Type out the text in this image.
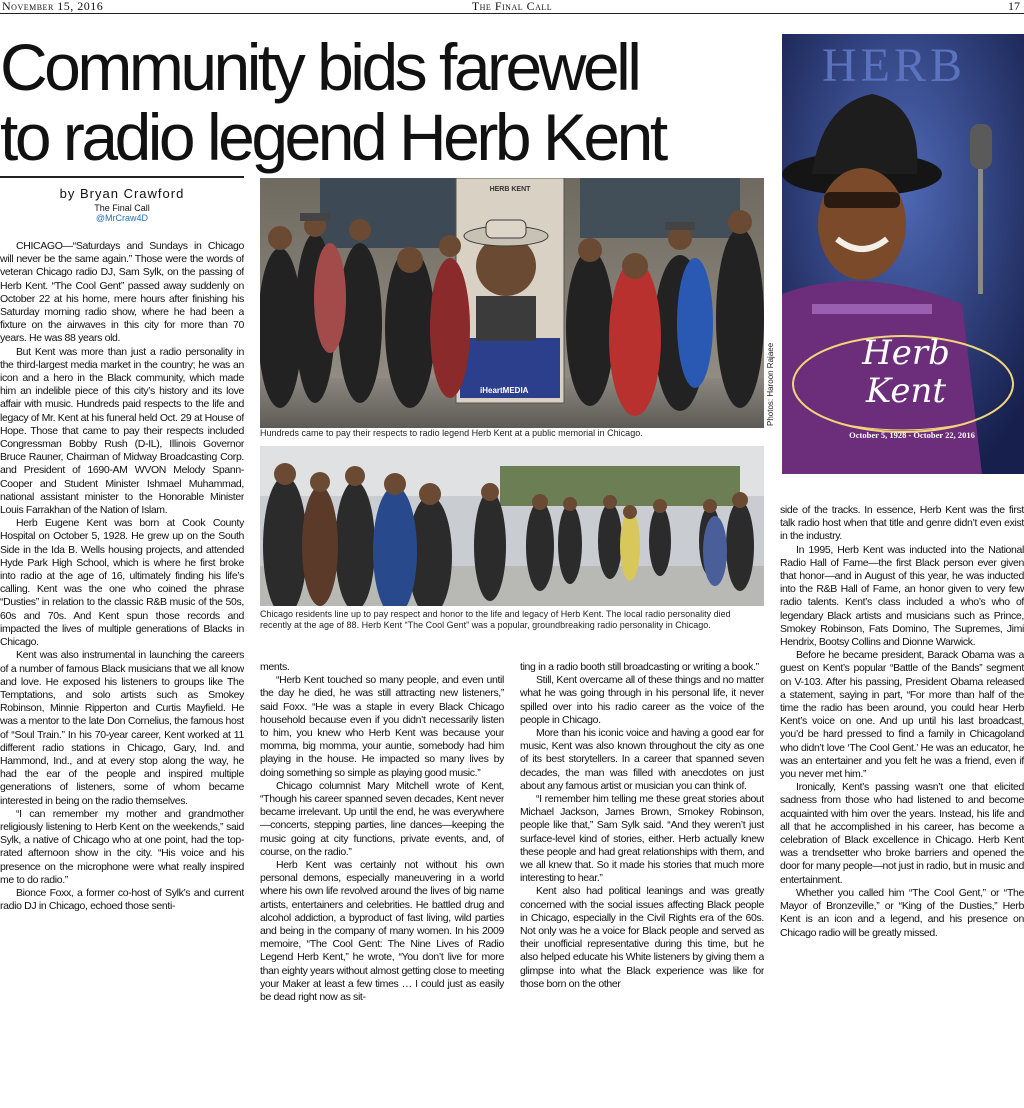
November 15, 2016	The Final Call	17
Community bids farewell
to radio legend Herb Kent
by Bryan Crawford
The Final Call
@MrCraw4D

CHICAGO—“Saturdays and Sundays in Chicago will never be the same again.” Those were the words of veteran Chicago radio DJ, Sam Sylk, on the passing of Herb Kent. “The Cool Gent” passed away suddenly on October 22 at his home, mere hours after finishing his Saturday morning radio show, where he had been a fixture on the airwaves in this city for more than 70 years. He was 88 years old.

But Kent was more than just a radio personality in the third-largest media market in the country; he was an icon and a hero in the Black community, which made him an indelible piece of this city’s history and its love affair with music. Hundreds paid respects to the life and legacy of Mr. Kent at his funeral held Oct. 29 at House of Hope. Those that came to pay their respects included Congressman Bobby Rush (D-IL), Illinois Governor Bruce Rauner, Chairman of Midway Broadcasting Corp. and President of 1690-AM WVON Melody Spann-Cooper and Student Minister Ishmael Muhammad, national assistant minister to the Honorable Minister Louis Farrakhan of the Nation of Islam.

Herb Eugene Kent was born at Cook County Hospital on October 5, 1928. He grew up on the South Side in the Ida B. Wells housing projects, and attended Hyde Park High School, which is where he first broke into radio at the age of 16, ultimately finding his life’s calling. Kent was the one who coined the phrase “Dusties” in relation to the classic R&B music of the 50s, 60s and 70s. And Kent spun those records and impacted the lives of multiple generations of Blacks in Chicago.

Kent was also instrumental in launching the careers of a number of famous Black musicians that we all know and love. He exposed his listeners to groups like The Temptations, and solo artists such as Smokey Robinson, Minnie Ripperton and Curtis Mayfield. He was a mentor to the late Don Cornelius, the famous host of “Soul Train.” In his 70-year career, Kent worked at 11 different radio stations in Chicago, Gary, Ind. and Hammond, Ind., and at every stop along the way, he had the ear of the people and inspired multiple generations of listeners, some of whom became interested in being on the radio themselves.

“I can remember my mother and grandmother religiously listening to Herb Kent on the weekends,” said Sylk, a native of Chicago who at one point, had the top-rated afternoon show in the city. “His voice and his presence on the microphone were what really inspired me to do radio.”

Bionce Foxx, a former co-host of Sylk’s and current radio DJ in Chicago, echoed those senti-

HERB KENT
iHeartMEDIA
Hundreds came to pay their respects to radio legend Herb Kent at a public memorial in Chicago.
Photos: Haroon Rajaee
Chicago residents line up to pay respect and honor to the life and legacy of Herb Kent. The local radio personality died recently at the age of 88. Herb Kent “The Cool Gent” was a popular, groundbreaking radio personality in Chicago.
HERB
Herb Kent
October 5, 1928 - October 22, 2016

ments.

“Herb Kent touched so many people, and even until the day he died, he was still attracting new listeners,” said Foxx. “He was a staple in every Black Chicago household because even if you didn’t necessarily listen to him, you knew who Herb Kent was because your momma, big momma, your auntie, somebody had him playing in the house. He impacted so many lives by doing something so simple as playing good music.”

Chicago columnist Mary Mitchell wrote of Kent, “Though his career spanned seven decades, Kent never became irrelevant. Up until the end, he was everywhere—concerts, stepping parties, line dances—keeping the music going at city functions, private events, and, of course, on the radio.”

Herb Kent was certainly not without his own personal demons, especially maneuvering in a world where his own life revolved around the lives of big name artists, entertainers and celebrities. He battled drug and alcohol addiction, a byproduct of fast living, wild parties and being in the company of many women. In his 2009 memoire, “The Cool Gent: The Nine Lives of Radio Legend Herb Kent,” he wrote, “You don’t live for more than eighty years without almost getting close to meeting your Maker at least a few times … I could just as easily be dead right now as sit-

ting in a radio booth still broadcasting or writing a book.”

Still, Kent overcame all of these things and no matter what he was going through in his personal life, it never spilled over into his radio career as the voice of the people in Chicago.

More than his iconic voice and having a good ear for music, Kent was also known throughout the city as one of its best storytellers. In a career that spanned seven decades, the man was filled with anecdotes on just about any famous artist or musician you can think of.

“I remember him telling me these great stories about Michael Jackson, James Brown, Smokey Robinson, people like that,” Sam Sylk said. “And they weren’t just surface-level kind of stories, either. Herb actually knew these people and had great relationships with them, and we all knew that. So it made his stories that much more interesting to hear.”

Kent also had political leanings and was greatly concerned with the social issues affecting Black people in Chicago, especially in the Civil Rights era of the 60s. Not only was he a voice for Black people and served as their unofficial representative during this time, but he also helped educate his White listeners by giving them a glimpse into what the Black experience was like for those born on the other

side of the tracks. In essence, Herb Kent was the first talk radio host when that title and genre didn’t even exist in the industry.

In 1995, Herb Kent was inducted into the National Radio Hall of Fame—the first Black person ever given that honor—and in August of this year, he was inducted into the R&B Hall of Fame, an honor given to very few radio talents. Kent’s class included a who’s who of legendary Black artists and musicians such as Prince, Smokey Robinson, Fats Domino, The Supremes, Jimi Hendrix, Bootsy Collins and Dionne Warwick.

Before he became president, Barack Obama was a guest on Kent’s popular “Battle of the Bands” segment on V-103. After his passing, President Obama released a statement, saying in part, “For more than half of the time the radio has been around, you could hear Herb Kent’s voice on one. And up until his last broadcast, you’d be hard pressed to find a family in Chicagoland who didn’t love ‘The Cool Gent.’ He was an educator, he was an entertainer and you felt he was a friend, even if you never met him.”

Ironically, Kent’s passing wasn’t one that elicited sadness from those who had listened to and become acquainted with him over the years. Instead, his life and all that he accomplished in his career, has become a celebration of Black excellence in Chicago. Herb Kent was a trendsetter who broke barriers and opened the door for many people—not just in radio, but in music and entertainment.

Whether you called him “The Cool Gent,” or “The Mayor of Bronzeville,” or “King of the Dusties,” Herb Kent is an icon and a legend, and his presence on Chicago radio will be greatly missed.
